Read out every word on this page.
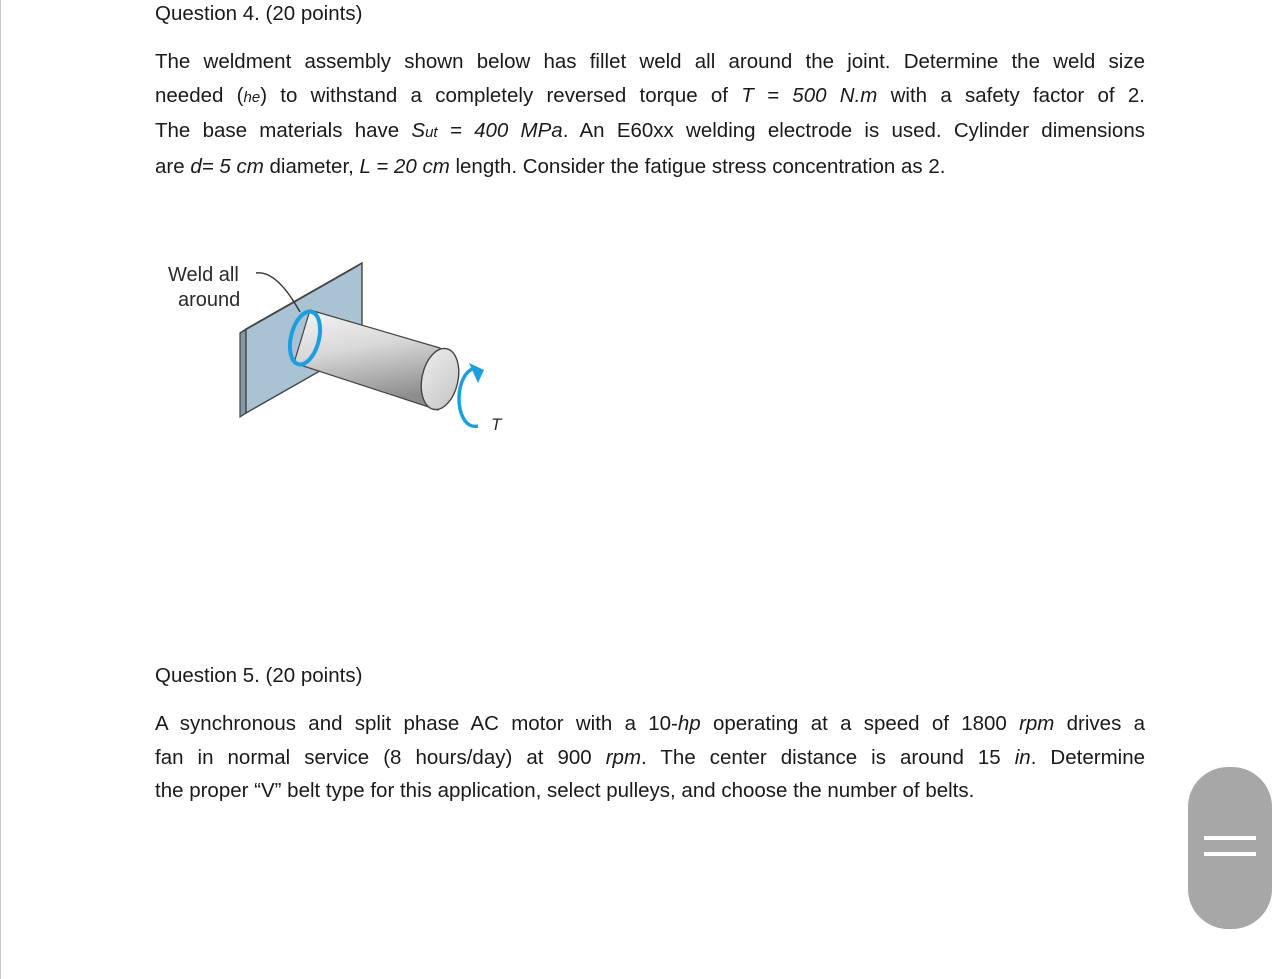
Question 4. (20 points)
The weldment assembly shown below has fillet weld all around the joint. Determine the weld size
needed (he) to withstand a completely reversed torque of T = 500 N.m with a safety factor of 2.
The base materials have Sut = 400 MPa. An E60xx welding electrode is used. Cylinder dimensions
are d= 5 cm diameter, L = 20 cm length. Consider the fatigue stress concentration as 2.
Question 5. (20 points)
A synchronous and split phase AC motor with a 10-hp operating at a speed of 1800 rpm drives a
fan in normal service (8 hours/day) at 900 rpm. The center distance is around 15 in. Determine
the proper “V” belt type for this application, select pulleys, and choose the number of belts.
Weld all
around
T
